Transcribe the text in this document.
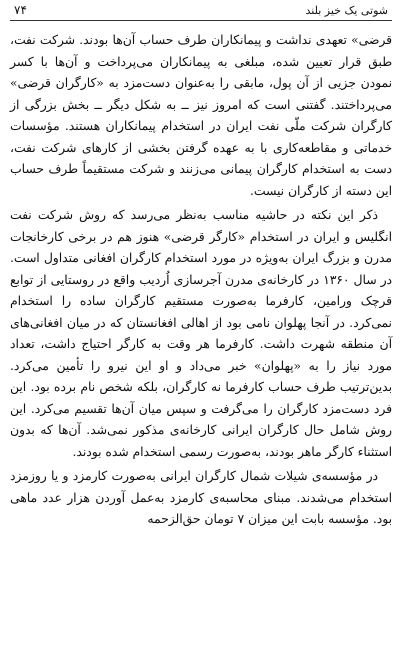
۷۴	شوتی یک خیز بلند

قرضی» تعهدی نداشت و پیمانکاران طرف حساب آن‌ها بودند. شرکت نفت، طبق قرار تعیین شده، مبلغی به پیمانکاران می‌پرداخت و آن‌ها با کسر نمودن جزیی از آن پول، مابقی را به‌عنوان دست‌مزد به «کارگران قرضی» می‌پرداختند. گفتنی است که امروز نیز ــ به شکل دیگر ــ بخش بزرگی از کارگران شرکت ملّی نفت ایران در استخدام پیمانکاران هستند. مؤسسات خدماتی و مقاطعه‌کاری با به عهده گرفتن بخشی از کارهای شرکت نفت، دست به استخدام کارگران پیمانی می‌زنند و شرکت مستقیماً طرف حساب این دسته از کارگران نیست.

ذکر این نکته در حاشیه مناسب به‌نظر می‌رسد که روش شرکت نفت انگلیس و ایران در استخدام «کارگر قرضی» هنوز هم در برخی کارخانجات مدرن و بزرگ ایران به‌ویژه در مورد استخدام کارگران افغانی متداول است. در سال ۱۳۶۰ در کارخانه‌ی مدرن آجرسازی اُردیب واقع در روستایی از توابع قرچک ورامین، کارفرما به‌صورت مستقیم کارگران ساده را استخدام نمی‌کرد. در آنجا پهلوان نامی بود از اهالی افغانستان که در میان افغانی‌های آن منطقه شهرت داشت. کارفرما هر وقت به کارگر احتیاج داشت، تعداد مورد نیاز را به «پهلوان» خبر می‌داد و او این نیرو را تأمین می‌کرد. بدین‌ترتیب طرف حساب کارفرما نه کارگران، بلکه شخص نام برده بود. این فرد دست‌مزد کارگران را می‌گرفت و سپس میان آن‌ها تقسیم می‌کرد. این روش شامل حال کارگران ایرانی کارخانه‌ی مذکور نمی‌شد. آن‌ها که بدون استثناء کارگر ماهر بودند، به‌صورت رسمی استخدام شده بودند.

در مؤسسه‌ی شیلات شمال کارگران ایرانی به‌صورت کارمزد و یا روزمزد استخدام می‌شدند. مبنای محاسبه‌ی کارمزد به‌عمل آوردن هزار عدد ماهی بود. مؤسسه بابت این میزان ۷ تومان حق‌الزحمه
